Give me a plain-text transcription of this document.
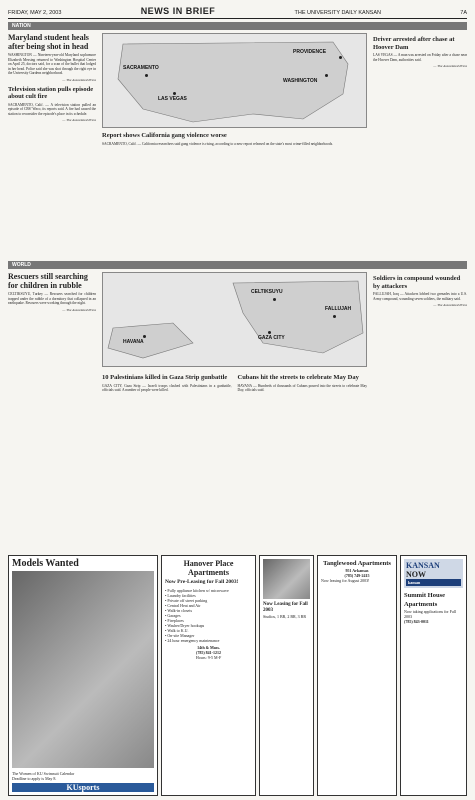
FRIDAY, MAY 2, 2003	NEWS IN BRIEF	THE UNIVERSITY DAILY KANSAN	7A
NATION
Maryland student heals after being shot in head

WASHINGTON — Nineteen-year-old Maryland sophomore Elizabeth Messing returned to Washington Hospital Center on April 25, doctors said, for a scan of the bullet that lodged in her head. Police said she was shot through the right eye in the University Gardens neighborhood.

— The Associated Press

Television station pulls episode about cult fire

SACRAMENTO, Calif. — A television station pulled an episode of CBS' Waco, its reports said. A fire had caused the station to reconsider the episode's place in its schedule.

— The Associated Press

SACRAMENTO
LAS VEGAS
WASHINGTON
PROVIDENCE
Report shows California gang violence worse

SACRAMENTO, Calif. — California researchers said gang violence is rising, according to a new report released on the state's most crime-filled neighborhoods.

Driver arrested after chase at Hoover Dam

LAS VEGAS — A man was arrested on Friday after a chase near the Hoover Dam, authorities said.

— The Associated Press

WORLD
Rescuers still searching for children in rubble

CELTIKSUYU, Turkey — Rescuers searched for children trapped under the rubble of a dormitory that collapsed in an earthquake. Rescuers were working through the night.

— The Associated Press

CELTIKSUYU
FALLUJAH
GAZA CITY
HAVANA
10 Palestinians killed in Gaza Strip gunbattle

GAZA CITY, Gaza Strip — Israeli troops clashed with Palestinians in a gunbattle, officials said. A number of people were killed.

Cubans hit the streets to celebrate May Day

HAVANA — Hundreds of thousands of Cubans poured into the streets to celebrate May Day, officials said.

Soldiers in compound wounded by attackers

FALLUJAH, Iraq — Attackers lobbed two grenades into a U.S. Army compound, wounding seven soldiers, the military said.

— The Associated Press

Models Wanted
The Women of KU Swimsuit Calendar
Deadline to apply is May 8.
KUsports
Hanover Place Apartments
Now Pre-Leasing for Fall 2003!
• Fully appliance kitchen w/ microwave
• Laundry facilities
• Private off street parking
• Central Heat and Air
• Walk-in closets
• Garages
• Fireplaces
• Washer/Dryer hookups
• Walk to K.U.
• On-site Manager
• 24 hour emergency maintenance
14th & Mass.
(785) 841-1212
Hours: 9-5 M-F
Now Leasing for Fall 2003
Studios, 1 BR, 2 BR, 3 BR
Tanglewood Apartments
951 Arkansas
(785) 749-2415
Now leasing for August 2003!
KANSAN
NOW
kansan
Summit House Apartments
Now taking applications for Fall 2003
(785) 843-0011
